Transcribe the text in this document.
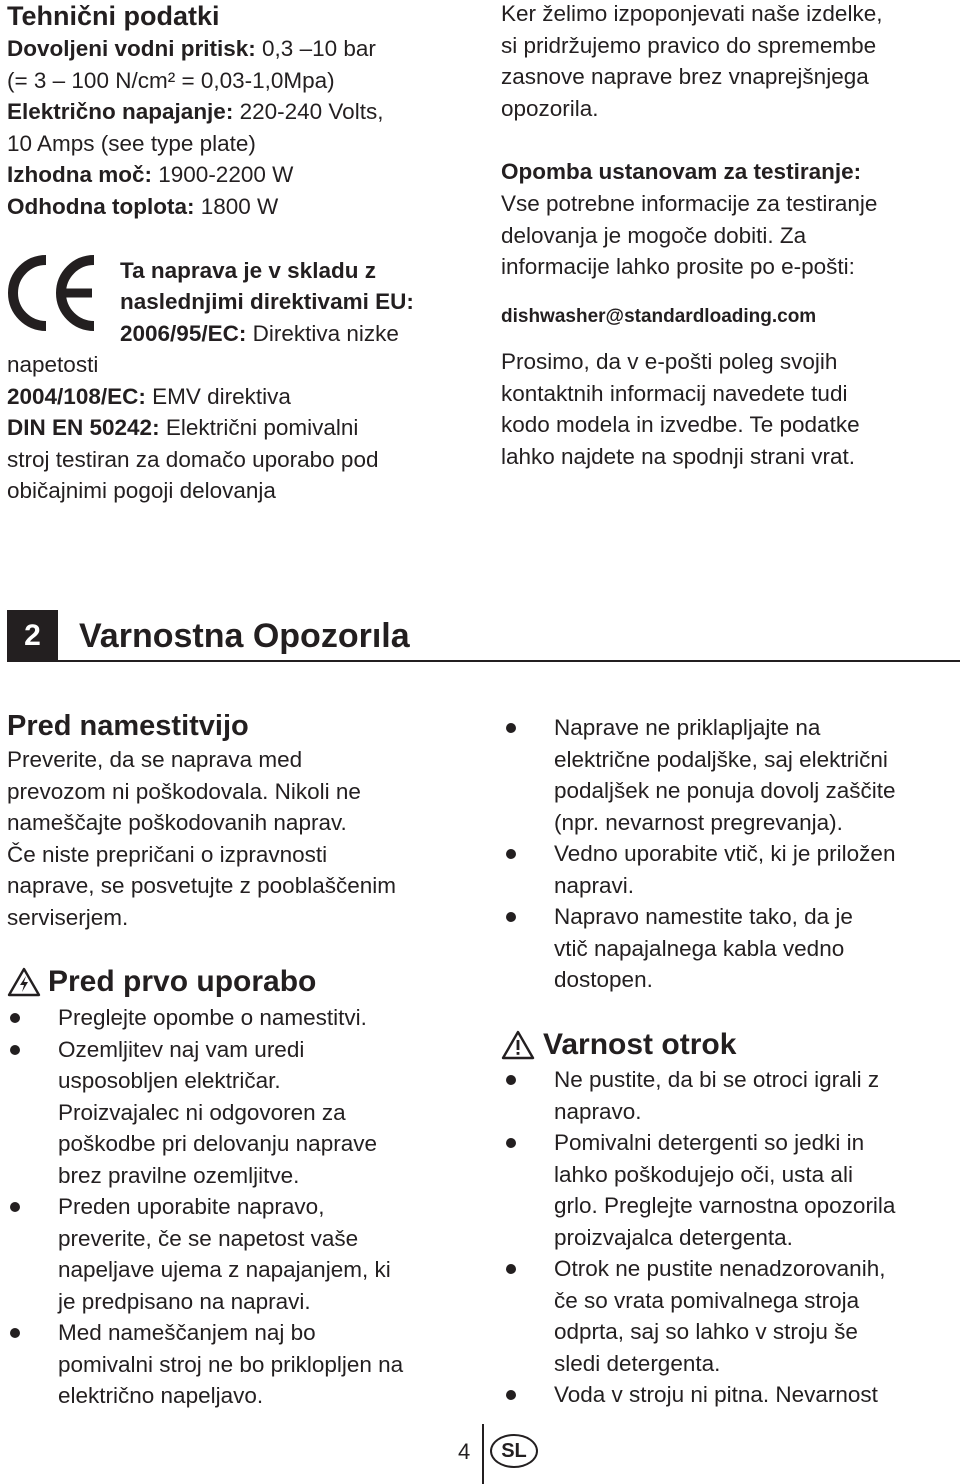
Tehnični podatki
Dovoljeni vodni pritisk: 0,3 –10 bar
(= 3 – 100 N/cm² = 0,03-1,0Mpa)
Električno napajanje: 220-240 Volts,
10 Amps (see type plate)
Izhodna moč: 1900-2200 W
Odhodna toplota: 1800 W
Ta naprava je v skladu z
naslednjimi direktivami EU:
2006/95/EC: Direktiva nizke
napetosti
2004/108/EC: EMV direktiva
DIN EN 50242: Električni pomivalni
stroj testiran za domačo uporabo pod
običajnimi pogoji delovanja
Ker želimo izpoponjevati naše izdelke,
si pridržujemo pravico do spremembe
zasnove naprave brez vnaprejšnjega
opozorila.
Opomba ustanovam za testiranje:
Vse potrebne informacije za testiranje
delovanja je mogoče dobiti. Za
informacije lahko prosite po e-pošti:
dishwasher@standardloading.com
Prosimo, da v e-pošti poleg svojih
kontaktnih informacij navedete tudi
kodo modela in izvedbe. Te podatke
lahko najdete na spodnji strani vrat.
2 Varnostna Opozorıla
Pred namestitvijo
Preverite, da se naprava med
prevozom ni poškodovala. Nikoli ne
nameščajte poškodovanih naprav.
Če niste prepričani o izpravnosti
naprave, se posvetujte z pooblaščenim
serviserjem.
Pred prvo uporabo
Preglejte opombe o namestitvi.
Ozemljitev naj vam uredi
usposobljen električar.
Proizvajalec ni odgovoren za
poškodbe pri delovanju naprave
brez pravilne ozemljitve.
Preden uporabite napravo,
preverite, če se napetost vaše
napeljave ujema z napajanjem, ki
je predpisano na napravi.
Med nameščanjem naj bo
pomivalni stroj ne bo priklopljen na
električno napeljavo.
Naprave ne priklapljajte na
električne podaljške, saj električni
podaljšek ne ponuja dovolj zaščite
(npr. nevarnost pregrevanja).
Vedno uporabite vtič, ki je priložen
napravi.
Napravo namestite tako, da je
vtič napajalnega kabla vedno
dostopen.
Varnost otrok
Ne pustite, da bi se otroci igrali z
napravo.
Pomivalni detergenti so jedki in
lahko poškodujejo oči, usta ali
grlo. Preglejte varnostna opozorila
proizvajalca detergenta.
Otrok ne pustite nenadzorovanih,
če so vrata pomivalnega stroja
odprta, saj so lahko v stroju še
sledi detergenta.
Voda v stroju ni pitna. Nevarnost
4 SL
